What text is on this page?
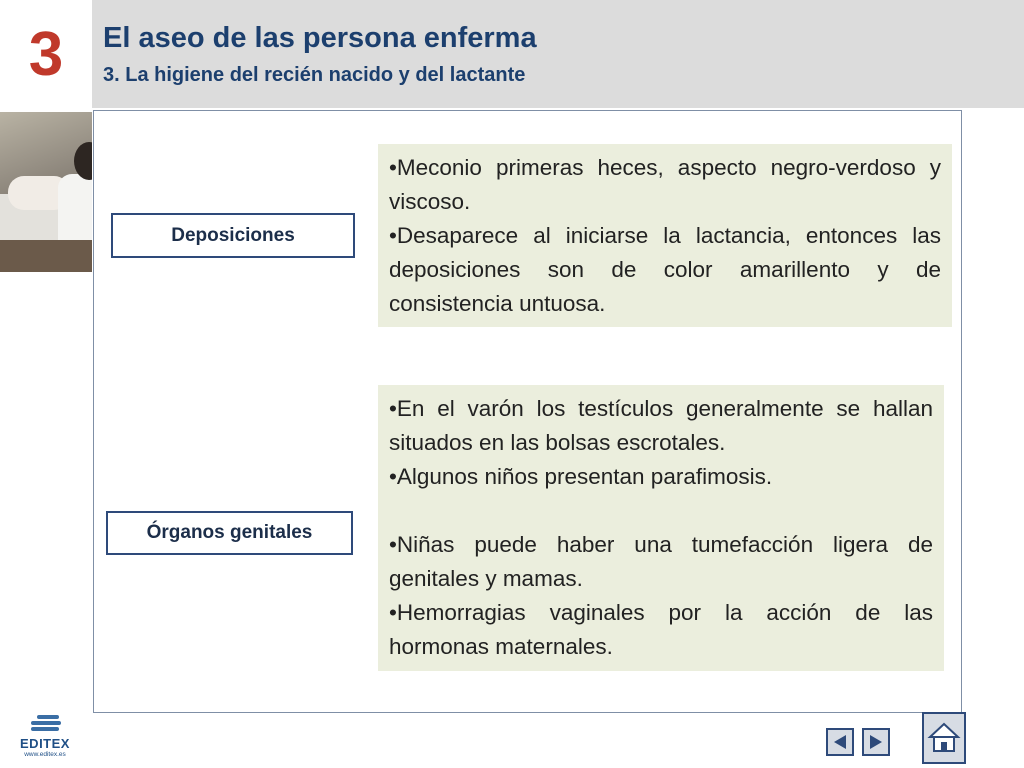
3	El aseo de las persona enferma
3. La higiene del recién nacido y del lactante
Deposiciones

•Meconio primeras heces, aspecto negro-verdoso y viscoso.

•Desaparece al iniciarse la lactancia, entonces las deposiciones son de color amarillento y de consistencia untuosa.

Órganos genitales

•En el varón los testículos generalmente se hallan situados en las bolsas escrotales.

•Algunos niños presentan parafimosis.

•Niñas puede haber una tumefacción ligera de genitales y mamas.

•Hemorragias vaginales por la acción de las hormonas maternales.

EDITEX
www.editex.es
